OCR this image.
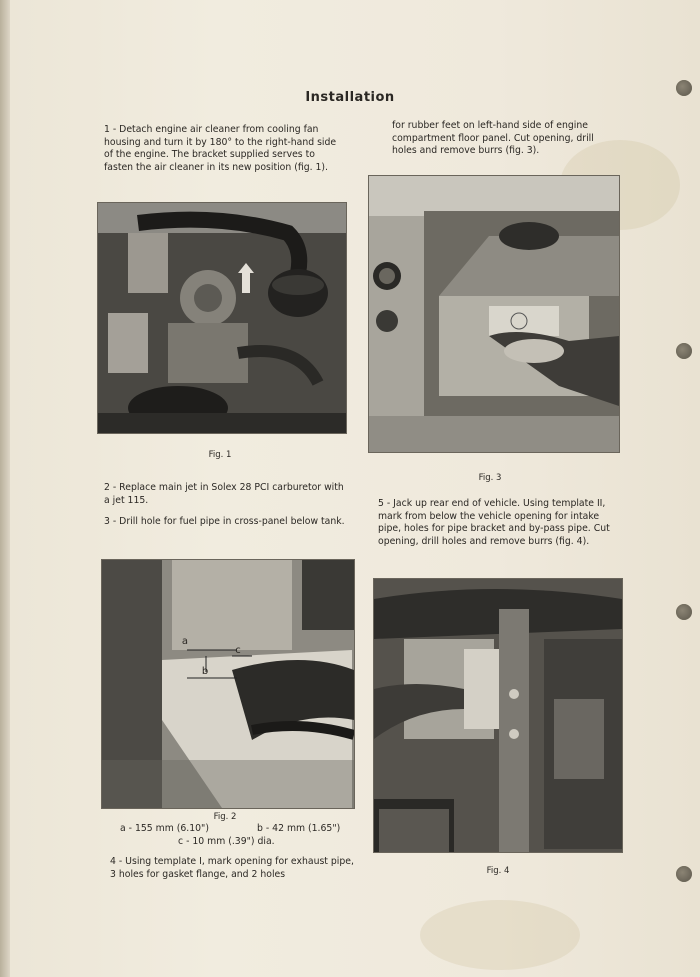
Installation
1 - Detach engine air cleaner from cooling fan housing and turn it by 180° to the right-hand side of the engine. The bracket supplied serves to fasten the air cleaner in its new position (fig. 1).
for rubber feet on left-hand side of engine compartment floor panel. Cut opening, drill holes and remove burrs (fig. 3).
Fig. 1
Fig. 3
2 - Replace main jet in Solex 28 PCI carburetor with a jet 115.
3 - Drill hole for fuel pipe in cross-panel below tank.
5 - Jack up rear end of vehicle. Using template II, mark from below the vehicle opening for intake pipe, holes for pipe bracket and by-pass pipe. Cut opening, drill holes and remove burrs (fig. 4).
a
b
c
Fig. 2
a - 155 mm (6.10")	b - 42 mm (1.65")
c - 10 mm (.39") dia.
4 - Using template I, mark opening for exhaust pipe, 3 holes for gasket flange, and 2 holes	Fig. 4
